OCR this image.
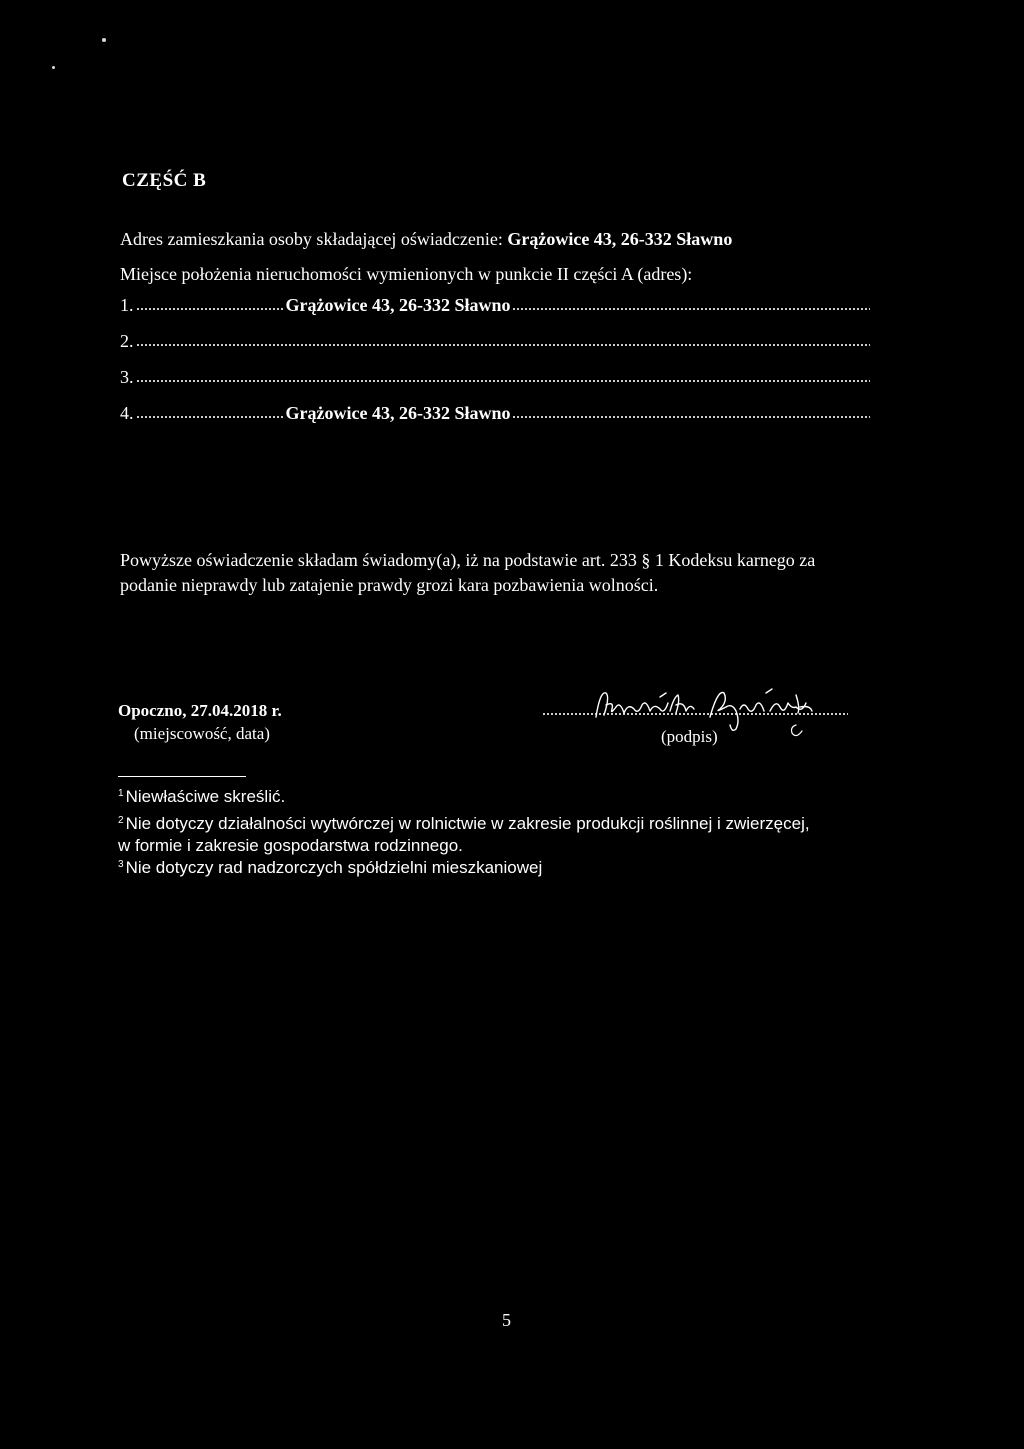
CZĘŚĆ B
Adres zamieszkania osoby składającej oświadczenie: Grążowice 43, 26-332 Sławno
Miejsce położenia nieruchomości wymienionych w punkcie II części A (adres):
1.	Grążowice 43, 26-332 Sławno
2.
3.
4.	Grążowice 43, 26-332 Sławno
Powyższe oświadczenie składam świadomy(a), iż na podstawie art. 233 § 1 Kodeksu karnego za
podanie nieprawdy lub zatajenie prawdy grozi kara pozbawienia wolności.
Opoczno, 27.04.2018 r.
(miejscowość, data)	(podpis)
$^1$ Niewłaściwe skreślić.
$^2$ Nie dotyczy działalności wytwórczej w rolnictwie w zakresie produkcji roślinnej i zwierzęcej,
w formie i zakresie gospodarstwa rodzinnego.
$^3$ Nie dotyczy rad nadzorczych spółdzielni mieszkaniowej
5
